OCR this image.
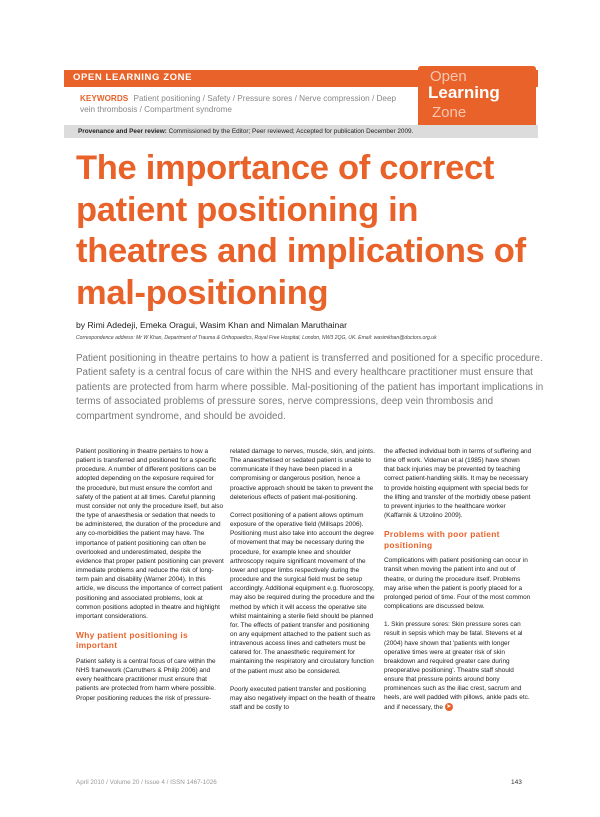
OPEN LEARNING ZONE	Open
Learning
Zone
KEYWORDS Patient positioning / Safety / Pressure sores / Nerve compression / Deep vein thrombosis / Compartment syndrome
Provenance and Peer review: Commissioned by the Editor; Peer reviewed; Accepted for publication December 2009.
The importance of correct patient positioning in theatres and implications of mal-positioning
by Rimi Adedeji, Emeka Oragui, Wasim Khan and Nimalan Maruthainar
Correspondence address: Mr W Khan, Department of Trauma & Orthopaedics, Royal Free Hospital, London, NW3 2QG, UK. Email: wasimkhan@doctors.org.uk
Patient positioning in theatre pertains to how a patient is transferred and positioned for a specific procedure. Patient safety is a central focus of care within the NHS and every healthcare practitioner must ensure that patients are protected from harm where possible. Mal-positioning of the patient has important implications in terms of associated problems of pressure sores, nerve compressions, deep vein thrombosis and compartment syndrome, and should be avoided.

Patient positioning in theatre pertains to how a patient is transferred and positioned for a specific procedure. A number of different positions can be adopted depending on the exposure required for the procedure, but must ensure the comfort and safety of the patient at all times. Careful planning must consider not only the procedure itself, but also the type of anaesthesia or sedation that needs to be administered, the duration of the procedure and any co-morbidities the patient may have. The importance of patient positioning can often be overlooked and underestimated, despite the evidence that proper patient positioning can prevent immediate problems and reduce the risk of long-term pain and disability (Warner 2004). In this article, we discuss the importance of correct patient positioning and associated problems, look at common positions adopted in theatre and highlight important considerations.

Why patient positioning is important

Patient safety is a central focus of care within the NHS framework (Carruthers & Philip 2006) and every healthcare practitioner must ensure that patients are protected from harm where possible. Proper positioning reduces the risk of pressure-

related damage to nerves, muscle, skin, and joints. The anaesthetised or sedated patient is unable to communicate if they have been placed in a compromising or dangerous position, hence a proactive approach should be taken to prevent the deleterious effects of patient mal-positioning.

Correct positioning of a patient allows optimum exposure of the operative field (Millsaps 2006). Positioning must also take into account the degree of movement that may be necessary during the procedure, for example knee and shoulder arthroscopy require significant movement of the lower and upper limbs respectively during the procedure and the surgical field must be setup accordingly. Additional equipment e.g. fluoroscopy, may also be required during the procedure and the method by which it will access the operative site whilst maintaining a sterile field should be planned for. The effects of patient transfer and positioning on any equipment attached to the patient such as intravenous access lines and catheters must be catered for. The anaesthetic requirement for maintaining the respiratory and circulatory function of the patient must also be considered.

Poorly executed patient transfer and positioning may also negatively impact on the health of theatre staff and be costly to

the affected individual both in terms of suffering and time off work. Videman et al (1985) have shown that back injuries may be prevented by teaching correct patient-handling skills. It may be necessary to provide hoisting equipment with special beds for the lifting and transfer of the morbidly obese patient to prevent injuries to the healthcare worker (Kaffarnik & Utzolino 2009).

Problems with poor patient positioning

Complications with patient positioning can occur in transit when moving the patient into and out of theatre, or during the procedure itself. Problems may arise when the patient is poorly placed for a prolonged period of time. Four of the most common complications are discussed below.

1. Skin pressure sores: Skin pressure sores can result in sepsis which may be fatal. Stevens et al (2004) have shown that 'patients with longer operative times were at greater risk of skin breakdown and required greater care during preoperative positioning'. Theatre staff should ensure that pressure points around bony prominences such as the iliac crest, sacrum and heels, are well padded with pillows, ankle pads etc. and if necessary, the ➤

April 2010 / Volume 20 / Issue 4 / ISSN 1467-1026	143
